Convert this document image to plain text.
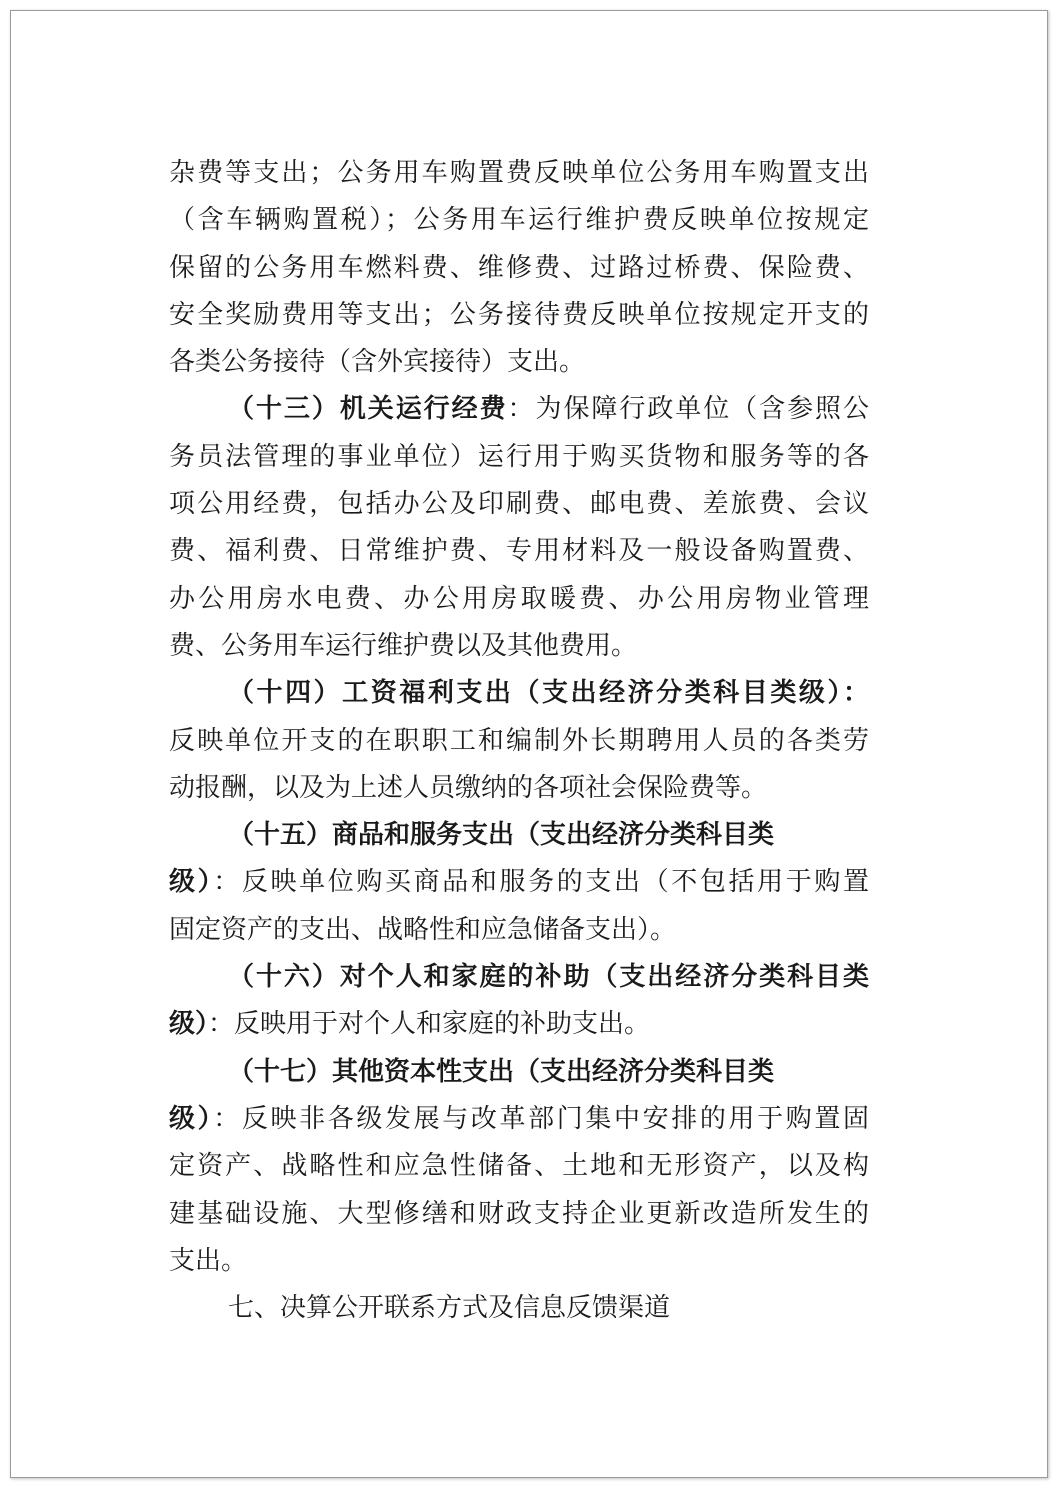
杂费等支出；公务用车购置费反映单位公务用车购置支出
（含车辆购置税）；公务用车运行维护费反映单位按规定
保留的公务用车燃料费、维修费、过路过桥费、保险费、
安全奖励费用等支出；公务接待费反映单位按规定开支的
各类公务接待（含外宾接待）支出。
（十三）机关运行经费：为保障行政单位（含参照公
务员法管理的事业单位）运行用于购买货物和服务等的各
项公用经费，包括办公及印刷费、邮电费、差旅费、会议
费、福利费、日常维护费、专用材料及一般设备购置费、
办公用房水电费、办公用房取暖费、办公用房物业管理
费、公务用车运行维护费以及其他费用。
（十四）工资福利支出（支出经济分类科目类级）：
反映单位开支的在职职工和编制外长期聘用人员的各类劳
动报酬，以及为上述人员缴纳的各项社会保险费等。
（十五）商品和服务支出（支出经济分类科目类
级）：反映单位购买商品和服务的支出（不包括用于购置
固定资产的支出、战略性和应急储备支出）。
（十六）对个人和家庭的补助（支出经济分类科目类
级）：反映用于对个人和家庭的补助支出。
（十七）其他资本性支出（支出经济分类科目类
级）：反映非各级发展与改革部门集中安排的用于购置固
定资产、战略性和应急性储备、土地和无形资产，以及构
建基础设施、大型修缮和财政支持企业更新改造所发生的
支出。
七、决算公开联系方式及信息反馈渠道
